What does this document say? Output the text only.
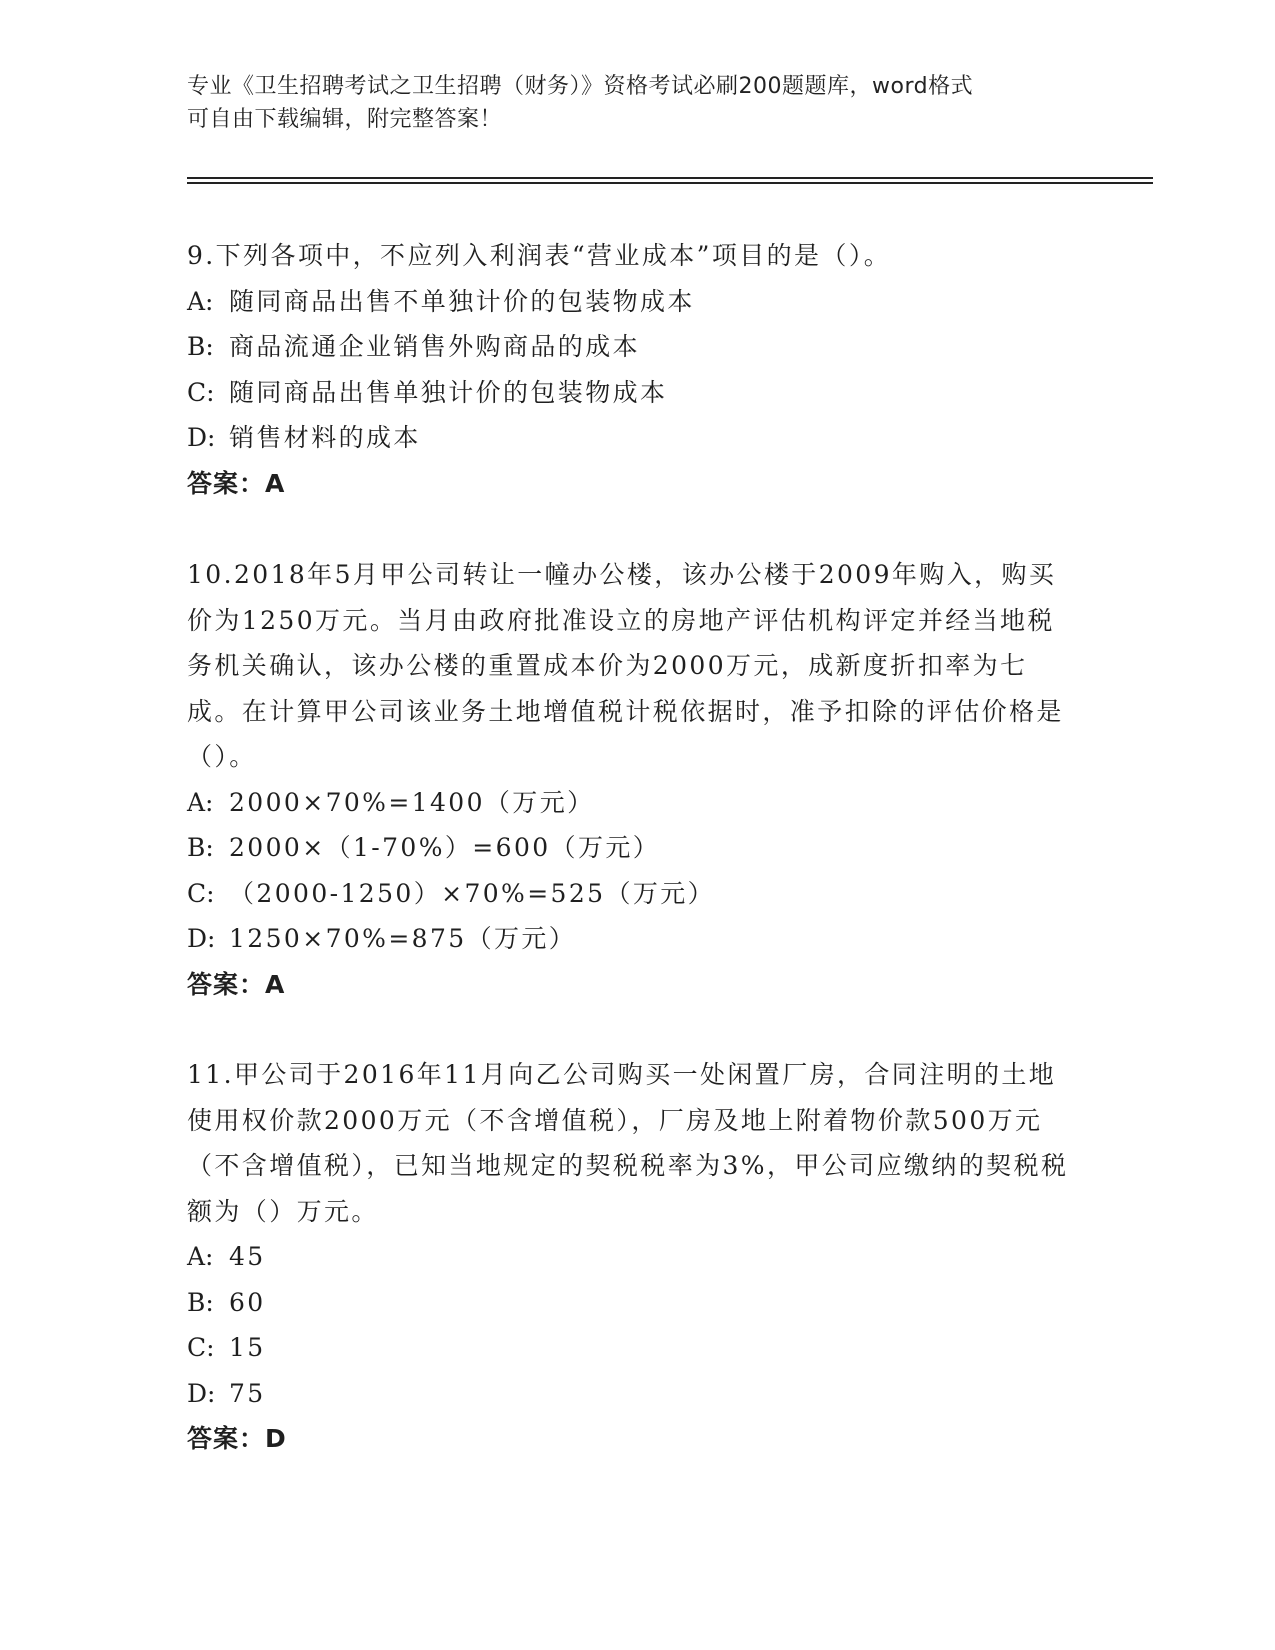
专业《卫生招聘考试之卫生招聘（财务）》资格考试必刷200题题库，word格式
可自由下载编辑，附完整答案！

9.下列各项中，不应列入利润表“营业成本”项目的是（）。

A: 随同商品出售不单独计价的包装物成本

B: 商品流通企业销售外购商品的成本

C: 随同商品出售单独计价的包装物成本

D: 销售材料的成本

答案：A

10.2018年5月甲公司转让一幢办公楼，该办公楼于2009年购入，购买价为1250万元。当月由政府批准设立的房地产评估机构评定并经当地税务机关确认，该办公楼的重置成本价为2000万元，成新度折扣率为七成。在计算甲公司该业务土地增值税计税依据时，准予扣除的评估价格是（）。

A: 2000×70%=1400（万元）

B: 2000×（1-70%）=600（万元）

C: （2000-1250）×70%=525（万元）

D: 1250×70%=875（万元）

答案：A

11.甲公司于2016年11月向乙公司购买一处闲置厂房，合同注明的土地使用权价款2000万元（不含增值税），厂房及地上附着物价款500万元（不含增值税），已知当地规定的契税税率为3%，甲公司应缴纳的契税税额为（）万元。

A: 45

B: 60

C: 15

D: 75

答案：D
